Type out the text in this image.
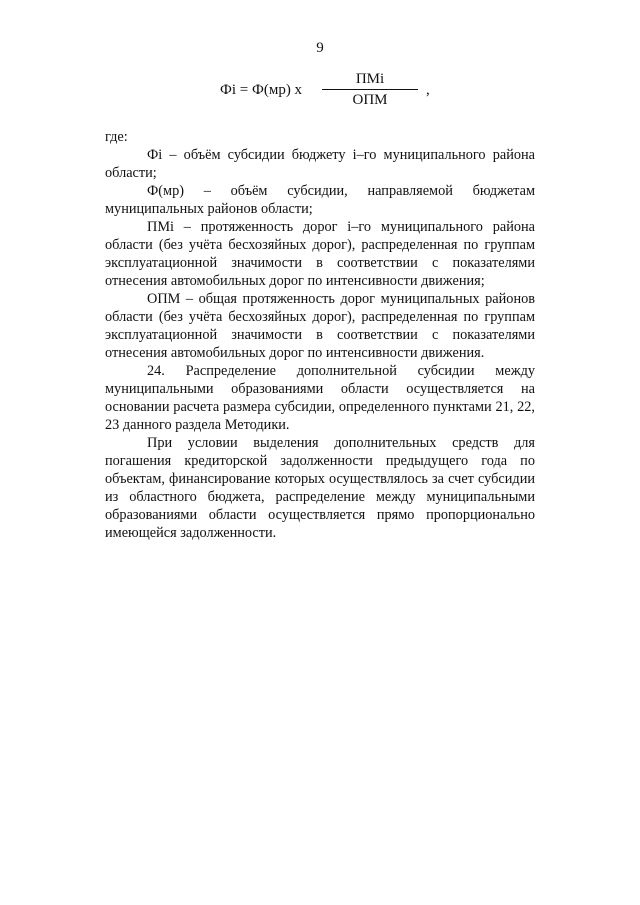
9
Фi = Ф(мр) х
ПМi
ОПМ
,

где:

Фi – объём субсидии бюджету i–го муниципального района области;

Ф(мр) – объём субсидии, направляемой бюджетам муниципальных районов области;

ПМi – протяженность дорог i–го муниципального района области (без учёта бесхозяйных дорог), распределенная по группам эксплуатационной значимости в соответствии с показателями отнесения автомобильных дорог по интенсивности движения;

ОПМ – общая протяженность дорог муниципальных районов области (без учёта бесхозяйных дорог), распределенная по группам эксплуатационной значимости в соответствии с показателями отнесения автомобильных дорог по интенсивности движения.

24. Распределение дополнительной субсидии между муниципальными образованиями области осуществляется на основании расчета размера субсидии, определенного пунктами 21, 22, 23 данного раздела Методики.

При условии выделения дополнительных средств для погашения кредиторской задолженности предыдущего года по объектам, финансирование которых осуществлялось за счет субсидии из областного бюджета, распределение между муниципальными образованиями области осуществляется прямо пропорционально имеющейся задолженности.
